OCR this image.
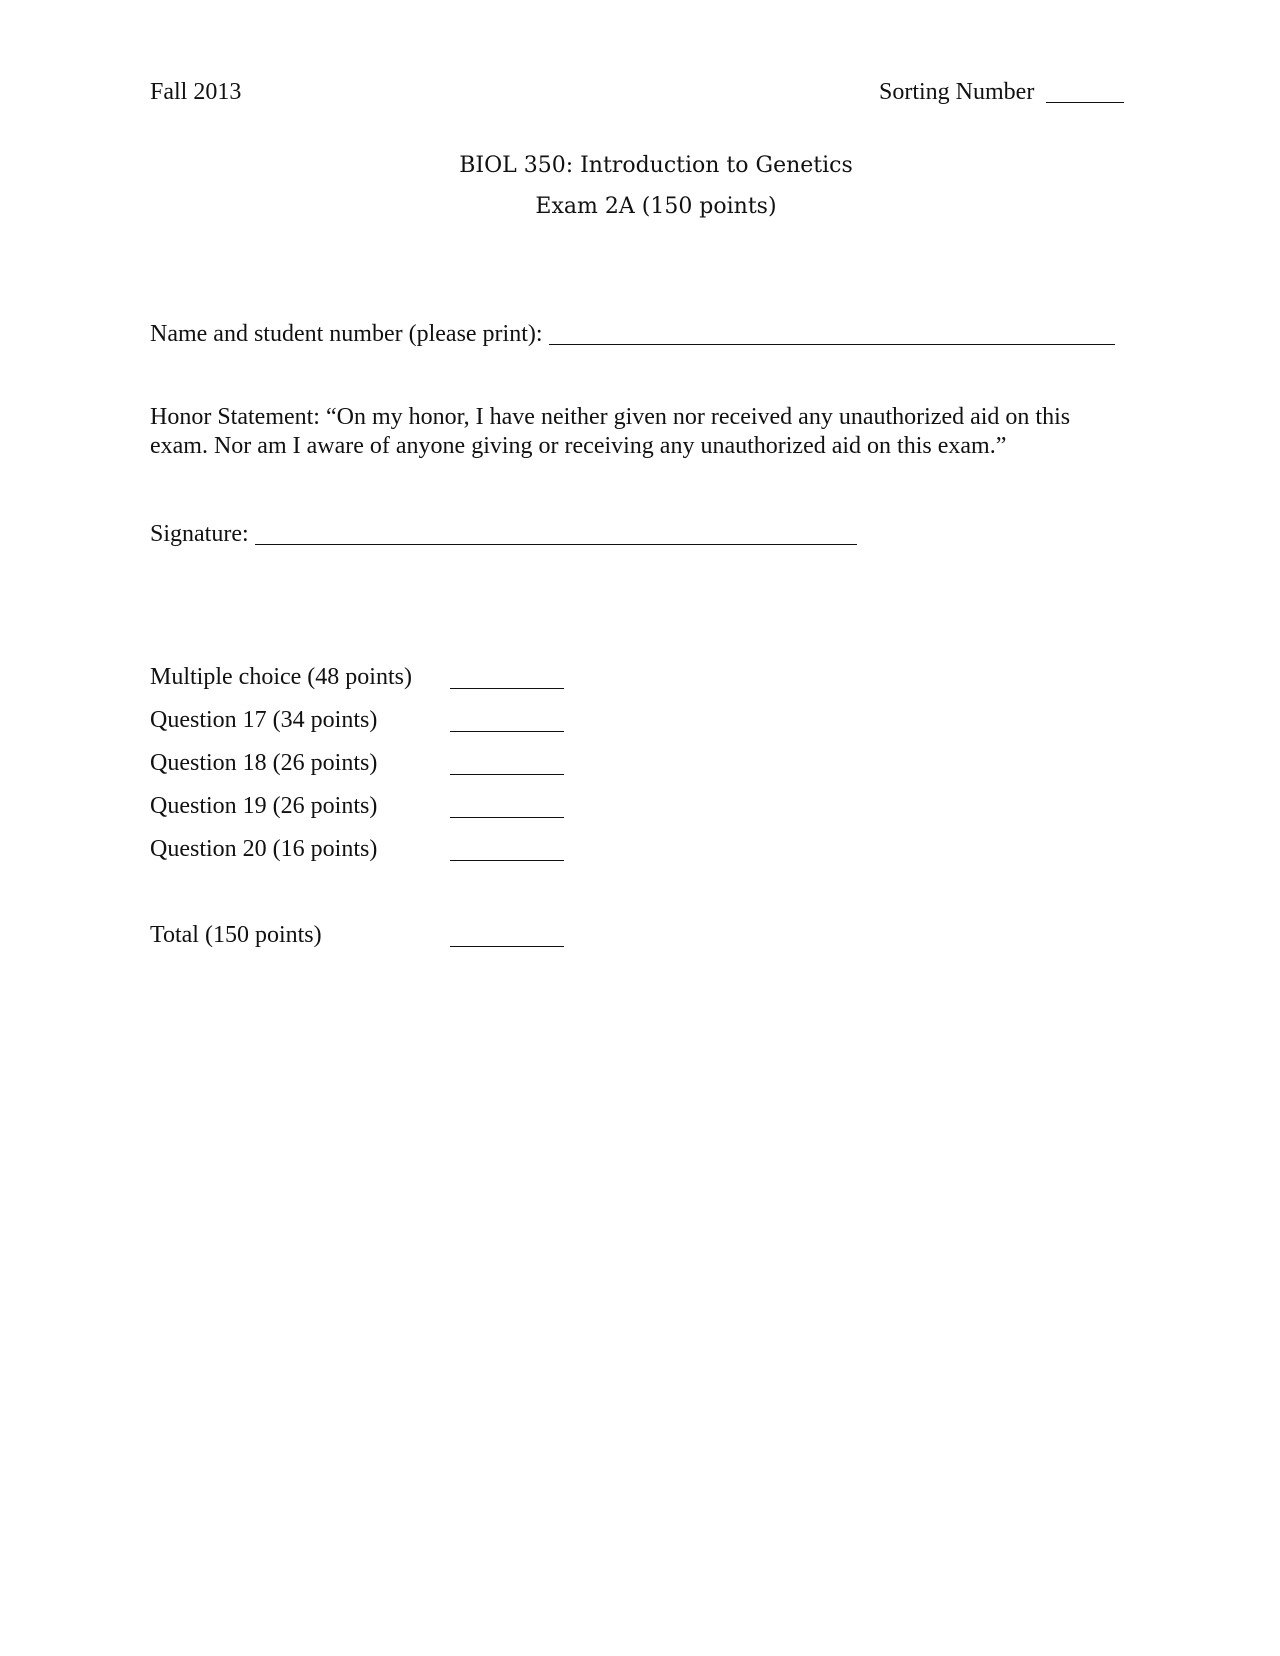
Fall 2013	Sorting Number
BIOL 350: Introduction to Genetics
Exam 2A (150 points)
Name and student number (please print):
Honor Statement: “On my honor, I have neither given nor received any unauthorized aid on this exam. Nor am I aware of anyone giving or receiving any unauthorized aid on this exam.”
Signature:
Multiple choice (48 points)
Question 17 (34 points)
Question 18 (26 points)
Question 19 (26 points)
Question 20 (16 points)
Total (150 points)
